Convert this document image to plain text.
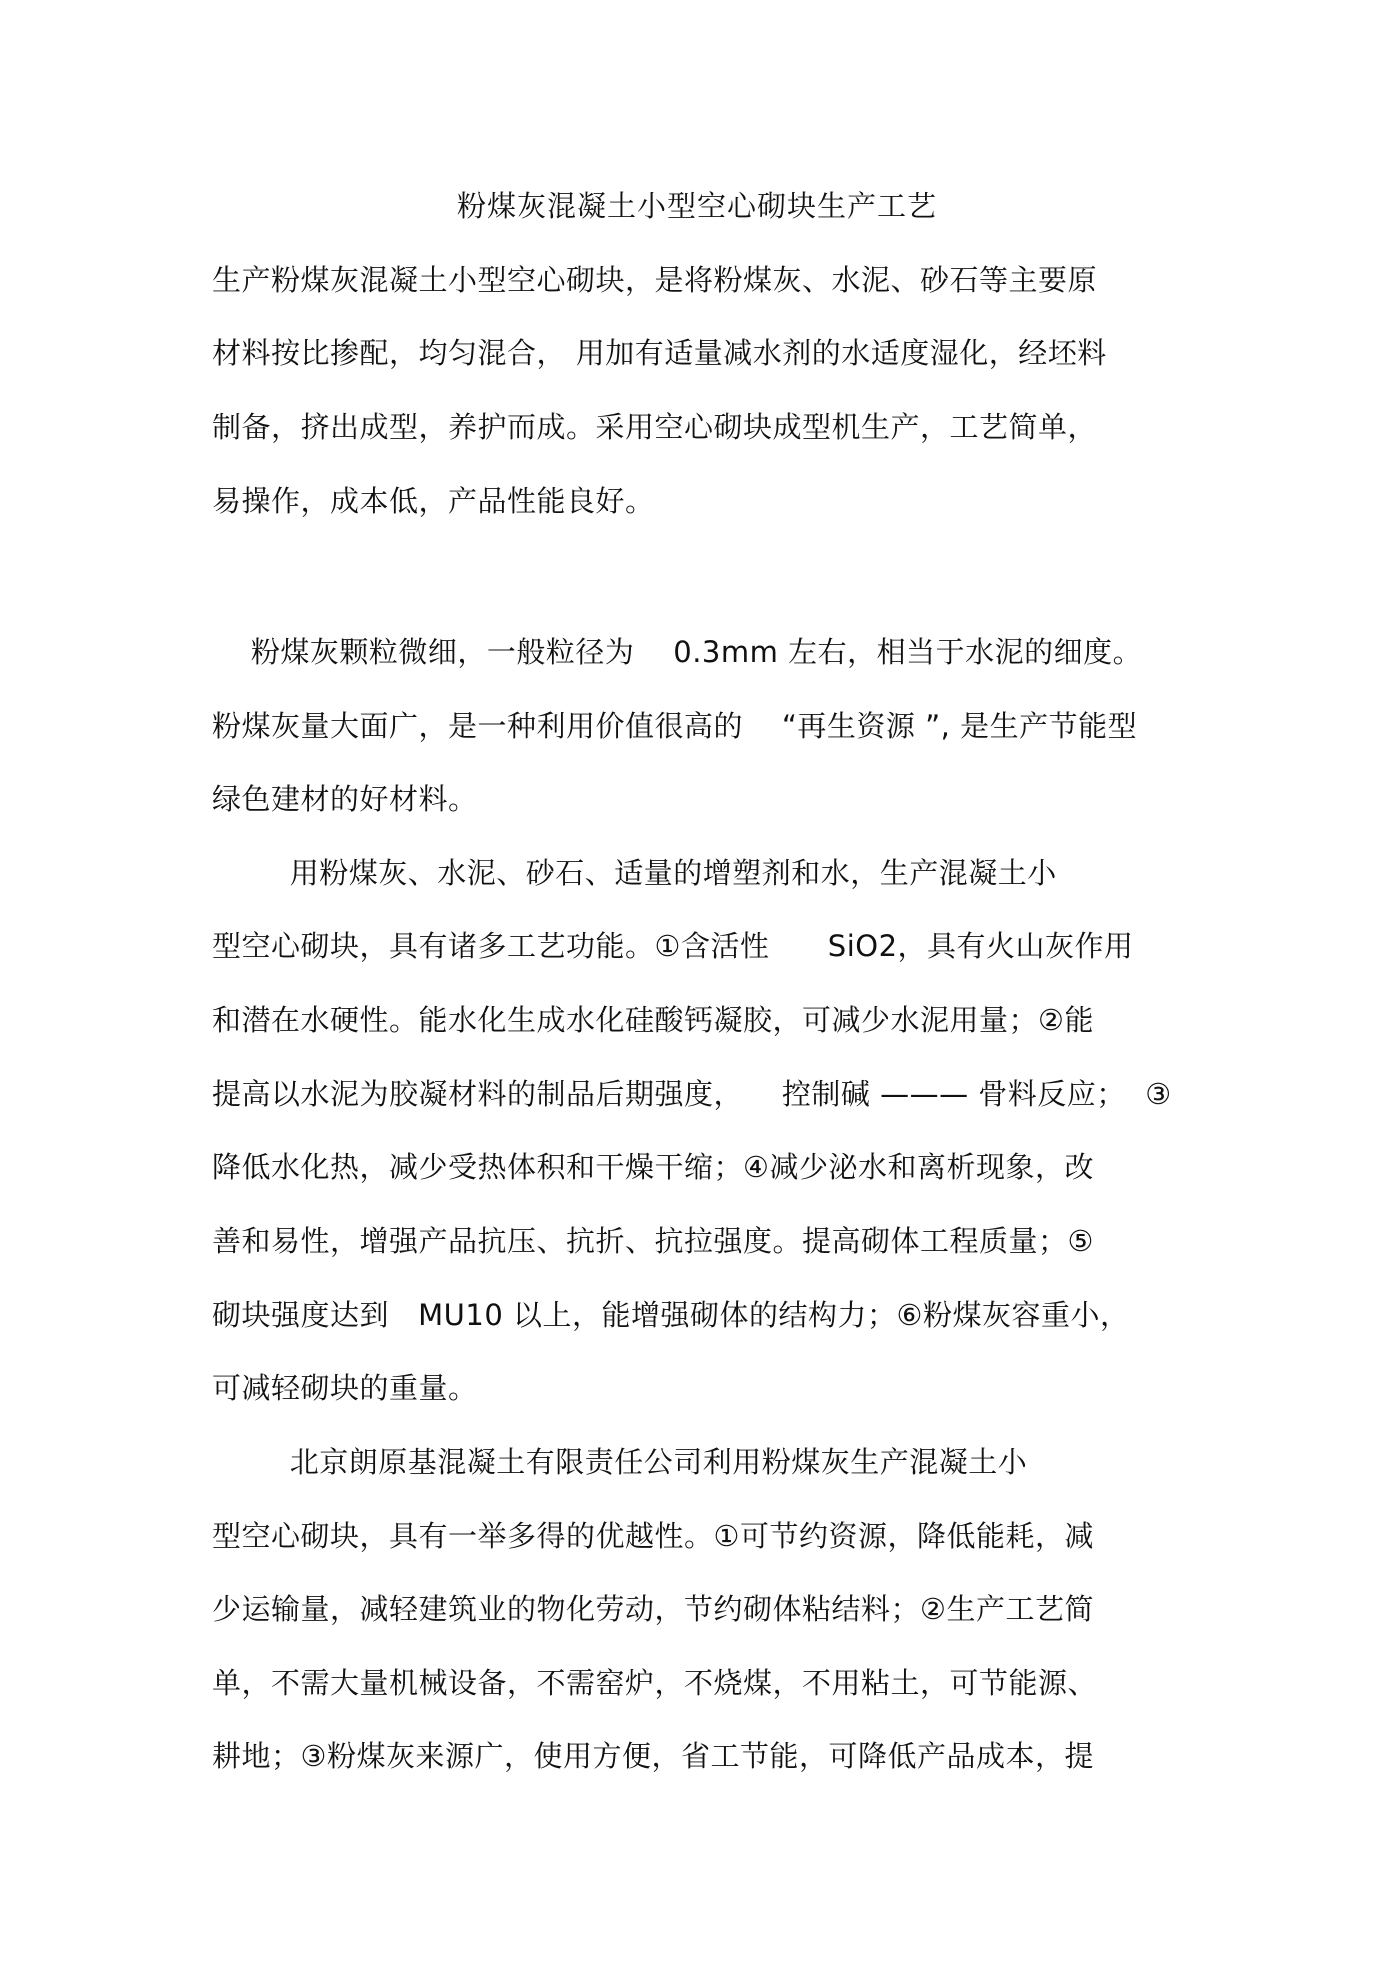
粉煤灰混凝土小型空心砌块生产工艺
生产粉煤灰混凝土小型空心砌块，是将粉煤灰、水泥、砂石等主要原
材料按比掺配，均匀混合， 用加有适量减水剂的水适度湿化，经坯料
制备，挤出成型，养护而成。采用空心砌块成型机生产，工艺简单，
易操作，成本低，产品性能良好。
粉煤灰颗粒微细，一般粒径为    0.3mm 左右，相当于水泥的细度。
粉煤灰量大面广，是一种利用价值很高的    “再生资源 ”, 是生产节能型
绿色建材的好材料。
用粉煤灰、水泥、砂石、适量的增塑剂和水，生产混凝土小
型空心砌块，具有诸多工艺功能。①含活性      SiO2，具有火山灰作用
和潜在水硬性。能水化生成水化硅酸钙凝胶，可减少水泥用量；②能
提高以水泥为胶凝材料的制品后期强度，    控制碱 ——— 骨料反应；  ③
降低水化热，减少受热体积和干燥干缩；④减少泌水和离析现象，改
善和易性，增强产品抗压、抗折、抗拉强度。提高砌体工程质量；⑤
砌块强度达到   MU10 以上，能增强砌体的结构力；⑥粉煤灰容重小，
可减轻砌块的重量。
北京朗原基混凝土有限责任公司利用粉煤灰生产混凝土小
型空心砌块，具有一举多得的优越性。①可节约资源，降低能耗，减
少运输量，减轻建筑业的物化劳动，节约砌体粘结料；②生产工艺简
单，不需大量机械设备，不需窑炉，不烧煤，不用粘土，可节能源、
耕地；③粉煤灰来源广，使用方便，省工节能，可降低产品成本，提
